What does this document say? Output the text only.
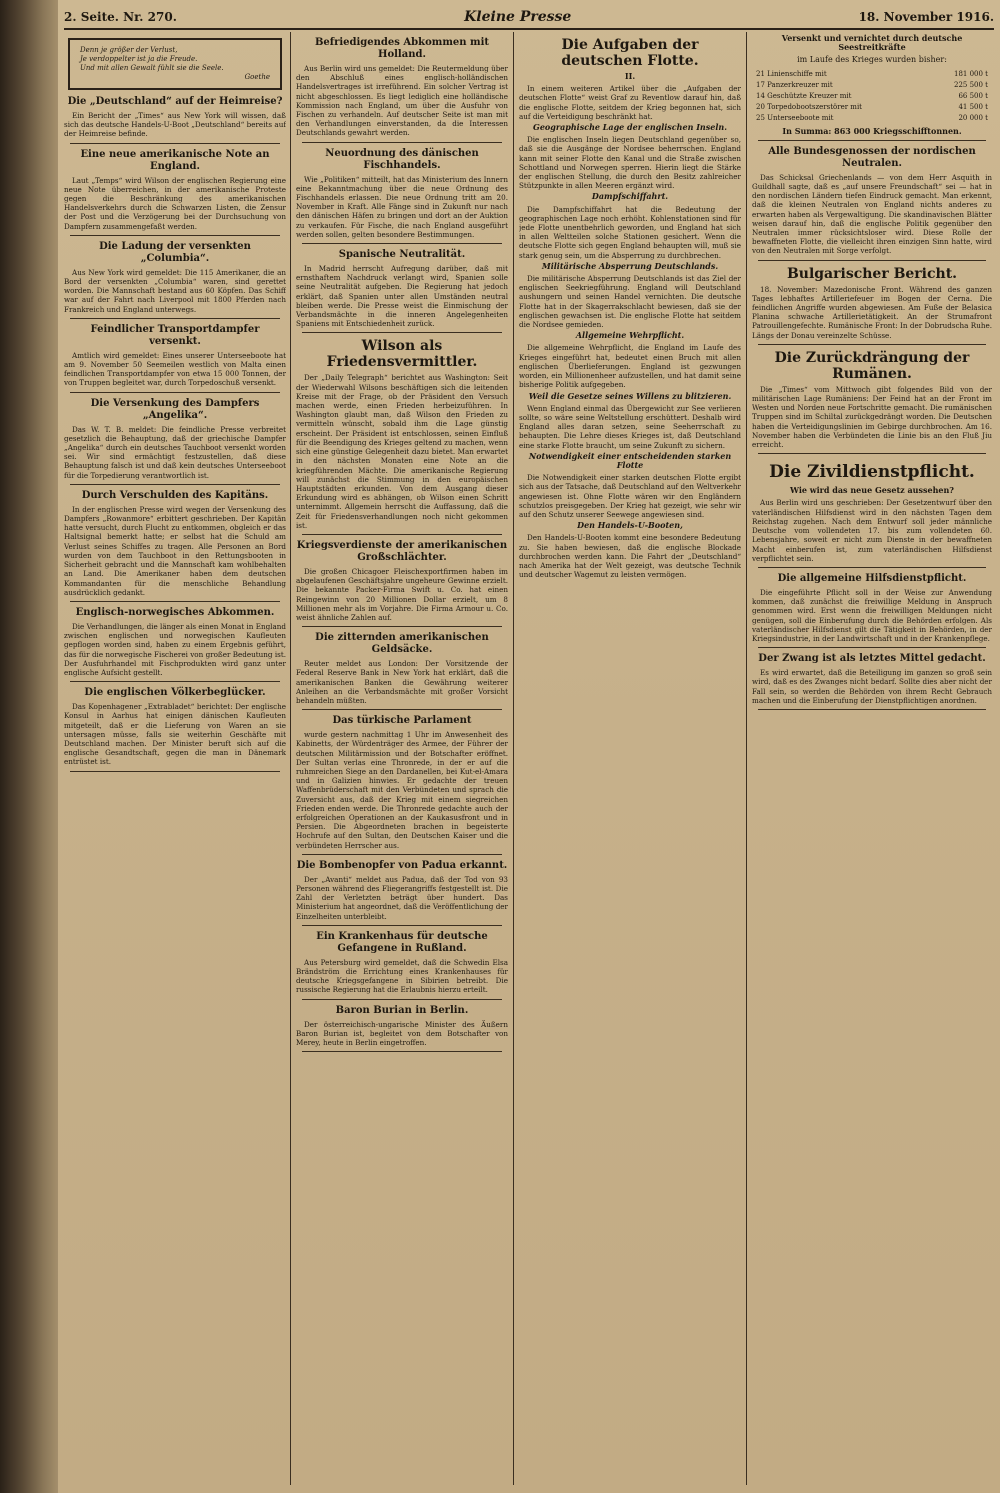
2. Seite. Nr. 270.	Kleine Presse	18. November 1916.
Denn je größer der Verlust,
Je verdoppelter ist ja die Freude.
Und mit allen Gewalt fühlt sie die Seele.
Goethe
Die „Deutschland“ auf der Heimreise?

Ein Bericht der „Times“ aus New York will wissen, daß sich das deutsche Handels-U-Boot „Deutschland“ bereits auf der Heimreise befinde.

Eine neue amerikanische Note an England.

Laut „Temps“ wird Wilson der englischen Regierung eine neue Note überreichen, in der amerikanische Proteste gegen die Beschränkung des amerikanischen Handelsverkehrs durch die Schwarzen Listen, die Zensur der Post und die Verzögerung bei der Durchsuchung von Dampfern zusammengefaßt werden.

Die Ladung der versenkten „Columbia“.

Aus New York wird gemeldet: Die 115 Amerikaner, die an Bord der versenkten „Columbia“ waren, sind gerettet worden. Die Mannschaft bestand aus 60 Köpfen. Das Schiff war auf der Fahrt nach Liverpool mit 1800 Pferden nach Frankreich und England unterwegs.

Feindlicher Transportdampfer versenkt.

Amtlich wird gemeldet: Eines unserer Unterseeboote hat am 9. November 50 Seemeilen westlich von Malta einen feindlichen Transportdampfer von etwa 15 000 Tonnen, der von Truppen begleitet war, durch Torpedoschuß versenkt.

Die Versenkung des Dampfers „Angelika“.

Das W. T. B. meldet: Die feindliche Presse verbreitet gesetzlich die Behauptung, daß der griechische Dampfer „Angelika“ durch ein deutsches Tauchboot versenkt worden sei. Wir sind ermächtigt festzustellen, daß diese Behauptung falsch ist und daß kein deutsches Unterseeboot für die Torpedierung verantwortlich ist.

Durch Verschulden des Kapitäns.

In der englischen Presse wird wegen der Versenkung des Dampfers „Rowanmore“ erbittert geschrieben. Der Kapitän hatte versucht, durch Flucht zu entkommen, obgleich er das Haltsignal bemerkt hatte; er selbst hat die Schuld am Verlust seines Schiffes zu tragen. Alle Personen an Bord wurden von dem Tauchboot in den Rettungsbooten in Sicherheit gebracht und die Mannschaft kam wohlbehalten an Land. Die Amerikaner haben dem deutschen Kommandanten für die menschliche Behandlung ausdrücklich gedankt.

Englisch-norwegisches Abkommen.

Die Verhandlungen, die länger als einen Monat in England zwischen englischen und norwegischen Kaufleuten gepflogen worden sind, haben zu einem Ergebnis geführt, das für die norwegische Fischerei von großer Bedeutung ist. Der Ausfuhrhandel mit Fischprodukten wird ganz unter englische Aufsicht gestellt.

Die englischen Völkerbeglücker.

Das Kopenhagener „Extrabladet“ berichtet: Der englische Konsul in Aarhus hat einigen dänischen Kaufleuten mitgeteilt, daß er die Lieferung von Waren an sie untersagen müsse, falls sie weiterhin Geschäfte mit Deutschland machen. Der Minister beruft sich auf die englische Gesandtschaft, gegen die man in Dänemark entrüstet ist.

Befriedigendes Abkommen mit Holland.

Aus Berlin wird uns gemeldet: Die Reutermeldung über den Abschluß eines englisch-holländischen Handelsvertrages ist irreführend. Ein solcher Vertrag ist nicht abgeschlossen. Es liegt lediglich eine holländische Kommission nach England, um über die Ausfuhr von Fischen zu verhandeln. Auf deutscher Seite ist man mit den Verhandlungen einverstanden, da die Interessen Deutschlands gewahrt werden.

Neuordnung des dänischen Fischhandels.

Wie „Politiken“ mitteilt, hat das Ministerium des Innern eine Bekanntmachung über die neue Ordnung des Fischhandels erlassen. Die neue Ordnung tritt am 20. November in Kraft. Alle Fänge sind in Zukunft nur nach den dänischen Häfen zu bringen und dort an der Auktion zu verkaufen. Für Fische, die nach England ausgeführt werden sollen, gelten besondere Bestimmungen.

Spanische Neutralität.

In Madrid herrscht Aufregung darüber, daß mit ernsthaftem Nachdruck verlangt wird, Spanien solle seine Neutralität aufgeben. Die Regierung hat jedoch erklärt, daß Spanien unter allen Umständen neutral bleiben werde. Die Presse weist die Einmischung der Verbandsmächte in die inneren Angelegenheiten Spaniens mit Entschiedenheit zurück.

Wilson als Friedensvermittler.

Der „Daily Telegraph“ berichtet aus Washington: Seit der Wiederwahl Wilsons beschäftigen sich die leitenden Kreise mit der Frage, ob der Präsident den Versuch machen werde, einen Frieden herbeizuführen. In Washington glaubt man, daß Wilson den Frieden zu vermitteln wünscht, sobald ihm die Lage günstig erscheint. Der Präsident ist entschlossen, seinen Einfluß für die Beendigung des Krieges geltend zu machen, wenn sich eine günstige Gelegenheit dazu bietet. Man erwartet in den nächsten Monaten eine Note an die kriegführenden Mächte. Die amerikanische Regierung will zunächst die Stimmung in den europäischen Hauptstädten erkunden. Von dem Ausgang dieser Erkundung wird es abhängen, ob Wilson einen Schritt unternimmt. Allgemein herrscht die Auffassung, daß die Zeit für Friedensverhandlungen noch nicht gekommen ist.

Kriegsverdienste der amerikanischen Großschlächter.

Die großen Chicagoer Fleischexportfirmen haben im abgelaufenen Geschäftsjahre ungeheure Gewinne erzielt. Die bekannte Packer-Firma Swift u. Co. hat einen Reingewinn von 20 Millionen Dollar erzielt, um 8 Millionen mehr als im Vorjahre. Die Firma Armour u. Co. weist ähnliche Zahlen auf.

Die zitternden amerikanischen Geldsäcke.

Reuter meldet aus London: Der Vorsitzende der Federal Reserve Bank in New York hat erklärt, daß die amerikanischen Banken die Gewährung weiterer Anleihen an die Verbandsmächte mit großer Vorsicht behandeln müßten.

Das türkische Parlament

wurde gestern nachmittag 1 Uhr im Anwesenheit des Kabinetts, der Würdenträger des Armee, der Führer der deutschen Militärmission und der Botschafter eröffnet. Der Sultan verlas eine Thronrede, in der er auf die ruhmreichen Siege an den Dardanellen, bei Kut-el-Amara und in Galizien hinwies. Er gedachte der treuen Waffenbrüderschaft mit den Verbündeten und sprach die Zuversicht aus, daß der Krieg mit einem siegreichen Frieden enden werde. Die Thronrede gedachte auch der erfolgreichen Operationen an der Kaukasusfront und in Persien. Die Abgeordneten brachen in begeisterte Hochrufe auf den Sultan, den Deutschen Kaiser und die verbündeten Herrscher aus.

Die Bombenopfer von Padua erkannt.

Der „Avanti“ meldet aus Padua, daß der Tod von 93 Personen während des Fliegerangriffs festgestellt ist. Die Zahl der Verletzten beträgt über hundert. Das Ministerium hat angeordnet, daß die Veröffentlichung der Einzelheiten unterbleibt.

Ein Krankenhaus für deutsche Gefangene in Rußland.

Aus Petersburg wird gemeldet, daß die Schwedin Elsa Brändström die Errichtung eines Krankenhauses für deutsche Kriegsgefangene in Sibirien betreibt. Die russische Regierung hat die Erlaubnis hierzu erteilt.

Baron Burian in Berlin.

Der österreichisch-ungarische Minister des Äußern Baron Burian ist, begleitet von dem Botschafter von Merey, heute in Berlin eingetroffen.

Die Aufgaben der deutschen Flotte.
II.

In einem weiteren Artikel über die „Aufgaben der deutschen Flotte“ weist Graf zu Reventlow darauf hin, daß die englische Flotte, seitdem der Krieg begonnen hat, sich auf die Verteidigung beschränkt hat.

Geographische Lage der englischen Inseln.

Die englischen Inseln liegen Deutschland gegenüber so, daß sie die Ausgänge der Nordsee beherrschen. England kann mit seiner Flotte den Kanal und die Straße zwischen Schottland und Norwegen sperren. Hierin liegt die Stärke der englischen Stellung, die durch den Besitz zahlreicher Stützpunkte in allen Meeren ergänzt wird.

Dampfschiffahrt.

Die Dampfschiffahrt hat die Bedeutung der geographischen Lage noch erhöht. Kohlenstationen sind für jede Flotte unentbehrlich geworden, und England hat sich in allen Weltteilen solche Stationen gesichert. Wenn die deutsche Flotte sich gegen England behaupten will, muß sie stark genug sein, um die Absperrung zu durchbrechen.

Militärische Absperrung Deutschlands.

Die militärische Absperrung Deutschlands ist das Ziel der englischen Seekriegführung. England will Deutschland aushungern und seinen Handel vernichten. Die deutsche Flotte hat in der Skagerrakschlacht bewiesen, daß sie der englischen gewachsen ist. Die englische Flotte hat seitdem die Nordsee gemieden.

Allgemeine Wehrpflicht.

Die allgemeine Wehrpflicht, die England im Laufe des Krieges eingeführt hat, bedeutet einen Bruch mit allen englischen Überlieferungen. England ist gezwungen worden, ein Millionenheer aufzustellen, und hat damit seine bisherige Politik aufgegeben.

Weil die Gesetze seines Willens zu blitzieren.

Wenn England einmal das Übergewicht zur See verlieren sollte, so wäre seine Weltstellung erschüttert. Deshalb wird England alles daran setzen, seine Seeherrschaft zu behaupten. Die Lehre dieses Krieges ist, daß Deutschland eine starke Flotte braucht, um seine Zukunft zu sichern.

Notwendigkeit einer entscheidenden starken Flotte

Die Notwendigkeit einer starken deutschen Flotte ergibt sich aus der Tatsache, daß Deutschland auf den Weltverkehr angewiesen ist. Ohne Flotte wären wir den Engländern schutzlos preisgegeben. Der Krieg hat gezeigt, wie sehr wir auf den Schutz unserer Seewege angewiesen sind.

Den Handels-U-Booten,

Den Handels-U-Booten kommt eine besondere Bedeutung zu. Sie haben bewiesen, daß die englische Blockade durchbrochen werden kann. Die Fahrt der „Deutschland“ nach Amerika hat der Welt gezeigt, was deutsche Technik und deutscher Wagemut zu leisten vermögen.

Versenkt und vernichtet durch deutsche Seestreitkräfte
im Laufe des Krieges wurden bisher:
21 Linienschiffe mit	181 000 t
17 Panzerkreuzer mit	225 500 t
14 Geschützte Kreuzer mit	66 500 t
20 Torpedobootszerstörer mit	41 500 t
25 Unterseeboote mit	20 000 t
In Summa: 863 000 Kriegsschifftonnen.
Alle Bundesgenossen der nordischen Neutralen.

Das Schicksal Griechenlands — von dem Herr Asquith in Guildhall sagte, daß es „auf unsere Freundschaft“ sei — hat in den nordischen Ländern tiefen Eindruck gemacht. Man erkennt, daß die kleinen Neutralen von England nichts anderes zu erwarten haben als Vergewaltigung. Die skandinavischen Blätter weisen darauf hin, daß die englische Politik gegenüber den Neutralen immer rücksichtsloser wird. Diese Rolle der bewaffneten Flotte, die vielleicht ihren einzigen Sinn hatte, wird von den Neutralen mit Sorge verfolgt.

Bulgarischer Bericht.

18. November: Mazedonische Front. Während des ganzen Tages lebhaftes Artilleriefeuer im Bogen der Cerna. Die feindlichen Angriffe wurden abgewiesen. Am Fuße der Belasica Planina schwache Artillerietätigkeit. An der Strumafront Patrouillengefechte. Rumänische Front: In der Dobrudscha Ruhe. Längs der Donau vereinzelte Schüsse.

Die Zurückdrängung der Rumänen.

Die „Times“ vom Mittwoch gibt folgendes Bild von der militärischen Lage Rumäniens: Der Feind hat an der Front im Westen und Norden neue Fortschritte gemacht. Die rumänischen Truppen sind im Schiltal zurückgedrängt worden. Die Deutschen haben die Verteidigungslinien im Gebirge durchbrochen. Am 16. November haben die Verbündeten die Linie bis an den Fluß Jiu erreicht.

Die Zivildienstpflicht.
Wie wird das neue Gesetz aussehen?

Aus Berlin wird uns geschrieben: Der Gesetzentwurf über den vaterländischen Hilfsdienst wird in den nächsten Tagen dem Reichstag zugehen. Nach dem Entwurf soll jeder männliche Deutsche vom vollendeten 17. bis zum vollendeten 60. Lebensjahre, soweit er nicht zum Dienste in der bewaffneten Macht einberufen ist, zum vaterländischen Hilfsdienst verpflichtet sein.

Die allgemeine Hilfsdienstpflicht.

Die eingeführte Pflicht soll in der Weise zur Anwendung kommen, daß zunächst die freiwillige Meldung in Anspruch genommen wird. Erst wenn die freiwilligen Meldungen nicht genügen, soll die Einberufung durch die Behörden erfolgen. Als vaterländischer Hilfsdienst gilt die Tätigkeit in Behörden, in der Kriegsindustrie, in der Landwirtschaft und in der Krankenpflege.

Der Zwang ist als letztes Mittel gedacht.

Es wird erwartet, daß die Beteiligung im ganzen so groß sein wird, daß es des Zwanges nicht bedarf. Sollte dies aber nicht der Fall sein, so werden die Behörden von ihrem Recht Gebrauch machen und die Einberufung der Dienstpflichtigen anordnen.
